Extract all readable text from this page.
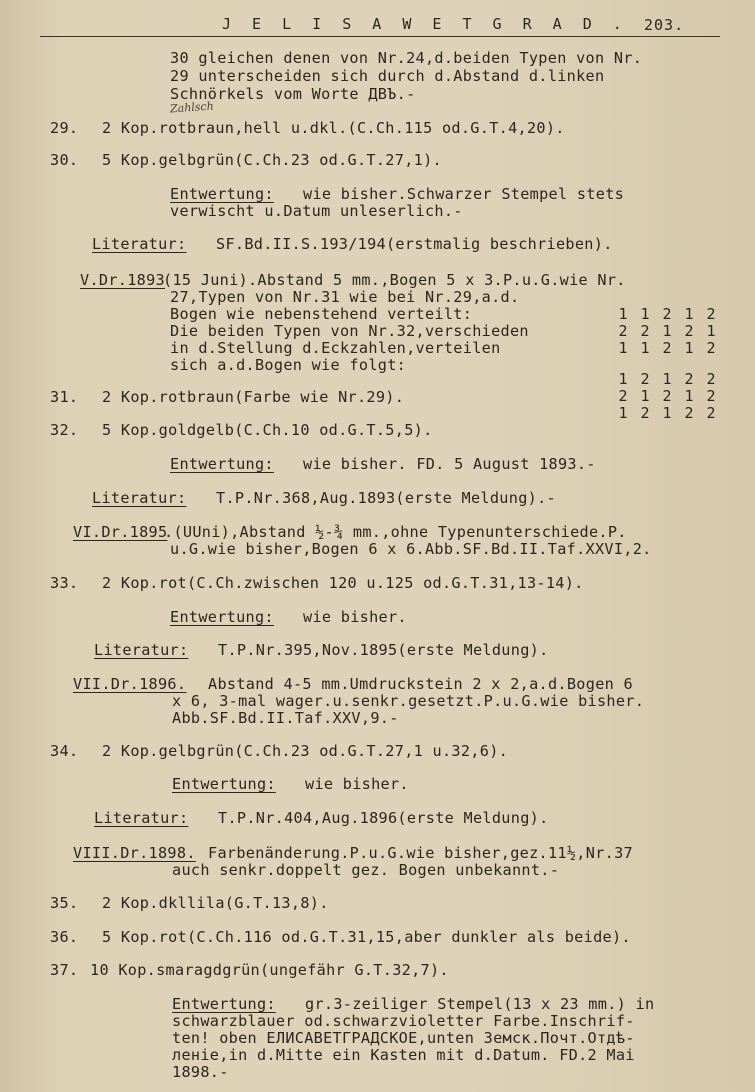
J E L I S A W E T G R A D . 203.
30 gleichen denen von Nr.24,d.beiden Typen von Nr.
29 unterscheiden sich durch d.Abstand d.linken
Schnörkels vom Worte ДВЪ.-
Zahlsch
29. 2 Kop.rotbraun,hell u.dkl.(C.Ch.115 od.G.T.4,20).
30. 5 Kop.gelbgrün(C.Ch.23 od.G.T.27,1).
Entwertung: wie bisher.Schwarzer Stempel stets
verwischt u.Datum unleserlich.-
Literatur: SF.Bd.II.S.193/194(erstmalig beschrieben).
V.Dr.1893
(15 Juni).Abstand 5 mm.,Bogen 5 x 3.P.u.G.wie Nr.
27,Typen von Nr.31 wie bei Nr.29,a.d.
Bogen wie nebenstehend verteilt:
Die beiden Typen von Nr.32,verschieden
in d.Stellung d.Eckzahlen,verteilen
sich a.d.Bogen wie folgt:
1 1 2 1 2
2 2 1 2 1
1 1 2 1 2
1 2 1 2 2
2 1 2 1 2
1 2 1 2 2
31. 2 Kop.rotbraun(Farbe wie Nr.29).
32. 5 Kop.goldgelb(C.Ch.10 od.G.T.5,5).
Entwertung: wie bisher. FD. 5 August 1893.-
Literatur: T.P.Nr.368,Aug.1893(erste Meldung).-
VI.Dr.1895
.(UUni),Abstand ½-¾ mm.,ohne Typenunterschiede.P.
u.G.wie bisher,Bogen 6 x 6.Abb.SF.Bd.II.Taf.XXVI,2.
33. 2 Kop.rot(C.Ch.zwischen 120 u.125 od.G.T.31,13-14).
Entwertung: wie bisher.
Literatur: T.P.Nr.395,Nov.1895(erste Meldung).
VII.Dr.1896. Abstand 4-5 mm.Umdruckstein 2 x 2,a.d.Bogen 6
x 6, 3-mal wager.u.senkr.gesetzt.P.u.G.wie bisher.
Abb.SF.Bd.II.Taf.XXV,9.-
34. 2 Kop.gelbgrün(C.Ch.23 od.G.T.27,1 u.32,6).
Entwertung: wie bisher.
Literatur: T.P.Nr.404,Aug.1896(erste Meldung).
VIII.Dr.1898. Farbenänderung.P.u.G.wie bisher,gez.11½,Nr.37
auch senkr.doppelt gez. Bogen unbekannt.-
35. 2 Kop.dkllila(G.T.13,8).
36. 5 Kop.rot(C.Ch.116 od.G.T.31,15,aber dunkler als beide).
37. 10 Kop.smaragdgrün(ungefähr G.T.32,7).
Entwertung: gr.3-zeiliger Stempel(13 x 23 mm.) in
schwarzblauer od.schwarzvioletter Farbe.Inschrif-
ten! oben ЕЛИСАВЕТГРАДСКОЕ,unten Земск.Почт.Отдѣ-
ленiе,in d.Mitte ein Kasten mit d.Datum. FD.2 Mai
1898.-
